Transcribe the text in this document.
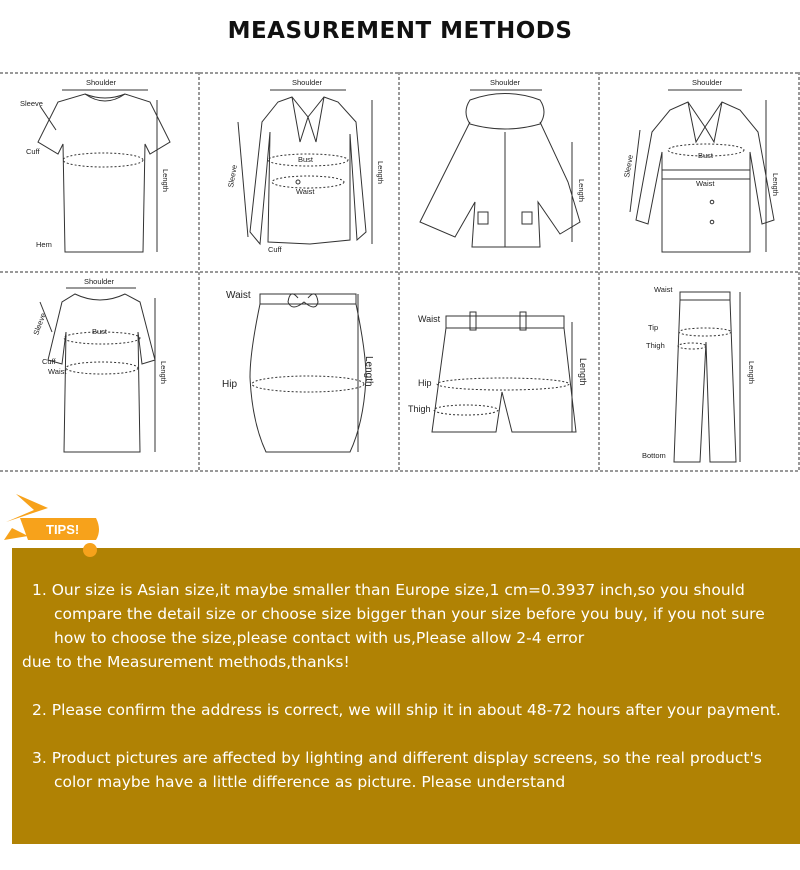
MEASUREMENT METHODS
Shoulder
Sleeve
Cuff
Length
Hem
Shoulder
Sleeve
Bust
Waist
Length
Cuff
Shoulder
Length
Shoulder
Sleeve	Bust
Waist	Length
Shoulder
Sleeve	Bust
Cuff
Waist	Length
Waist
Hip	Length
Waist
Hip
Thigh
Length
Waist
Tip
Thigh
Length
Bottom
TIPS!

1. Our size is Asian size,it maybe smaller than Europe size,1 cm=0.3937 inch,so you should compare the detail size or choose size bigger than your size before you buy, if you not sure how to choose the size,please contact with us,Please allow 2-4 error

due to the Measurement methods,thanks!

2. Please confirm the address is correct, we will ship it in about 48-72 hours after your payment.

3. Product pictures are affected by lighting and different display screens, so the real product's color maybe have a little difference as picture. Please understand
